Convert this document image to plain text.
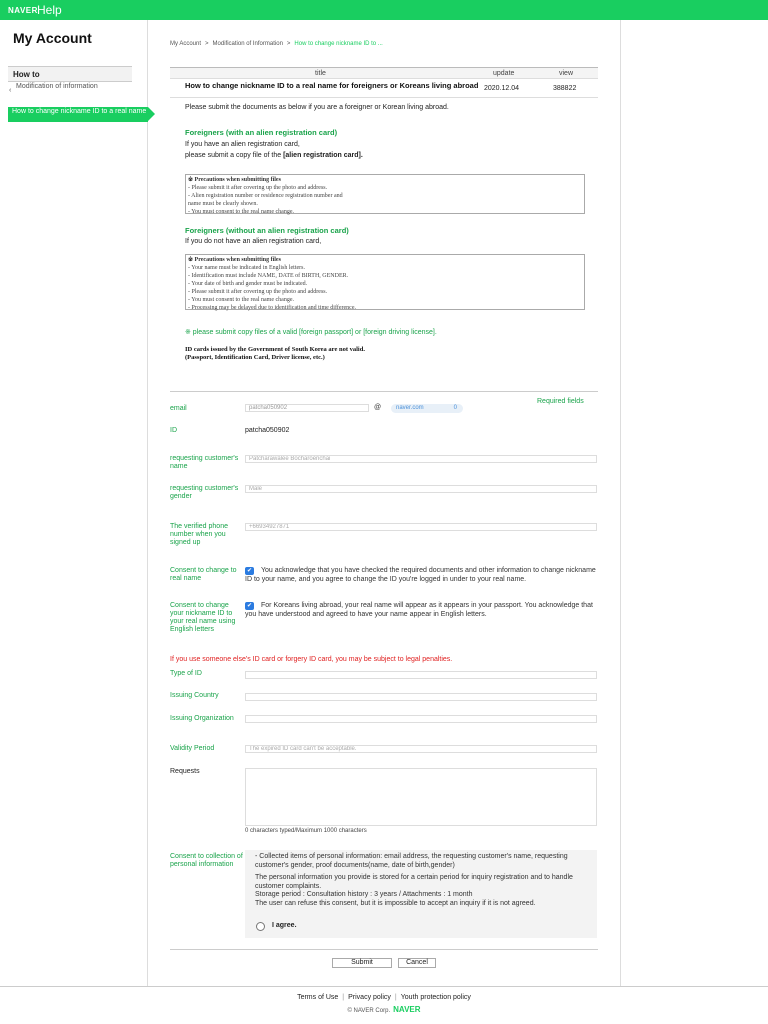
NAVER Help
My Account
How to
‹
Modification of information
How to change nickname ID to a real name
My Account > Modification of Information > How to change nickname ID to ...
title	update	view
How to change nickname ID to a real name for foreigners or Koreans living abroad 2020.12.04	388822
Please submit the documents as below if you are a foreigner or Korean living abroad.
Foreigners (with an alien registration card)
If you have an alien registration card,
please submit a copy file of the [alien registration card].
※ Precautions when submitting files
- Please submit it after covering up the photo and address.
- Alien registration number or residence registration number and
name must be clearly shown.
- You must consent to the real name change.
Foreigners (without an alien registration card)
If you do not have an alien registration card,
※ Precautions when submitting files
- Your name must be indicated in English letters.
- Identification must include NAME, DATE of BIRTH, GENDER.
- Your date of birth and gender must be indicated.
- Please submit it after covering up the photo and address.
- You must consent to the real name change.
- Processing may be delayed due to identification and time difference.
※ please submit copy files of a valid [foreign passport] or [foreign driving license].
ID cards issued by the Government of South Korea are not valid.
(Passport, Identification Card, Driver license, etc.)
Required fields
email	patcha050902	@	naver.com	0
ID	patcha050902
requesting customer's name
Patcharawalee Bocharoenchai
requesting customer's gender
Male
The verified phone number when you signed up
+66934927871
Consent to change to real name
✔	You acknowledge that you have checked the required documents and other information to change nickname ID to your name, and you agree to change the ID you're logged in under to your real name.
Consent to change your nickname ID to your real name using English letters
✔	For Koreans living abroad, your real name will appear as it appears in your passport. You acknowledge that you have understood and agreed to have your name appear in English letters.
If you use someone else's ID card or forgery ID card, you may be subject to legal penalties.
Type of ID
Issuing Country
Issuing Organization
Validity Period	The expired ID card can't be acceptable.
Requests
0 characters typed/Maximum 1000 characters
Consent to collection of personal information

- Collected items of personal information: email address, the requesting customer's name, requesting customer's gender, proof documents(name, date of birth,gender)

The personal information you provide is stored for a certain period for inquiry registration and to handle customer complaints.

Storage period : Consultation history : 3 years / Attachments : 1 month

The user can refuse this consent, but it is impossible to accept an inquiry if it is not agreed.

I agree.
Submit	Cancel
Terms of Use | Privacy policy | Youth protection policy
© NAVER Corp. NAVER
